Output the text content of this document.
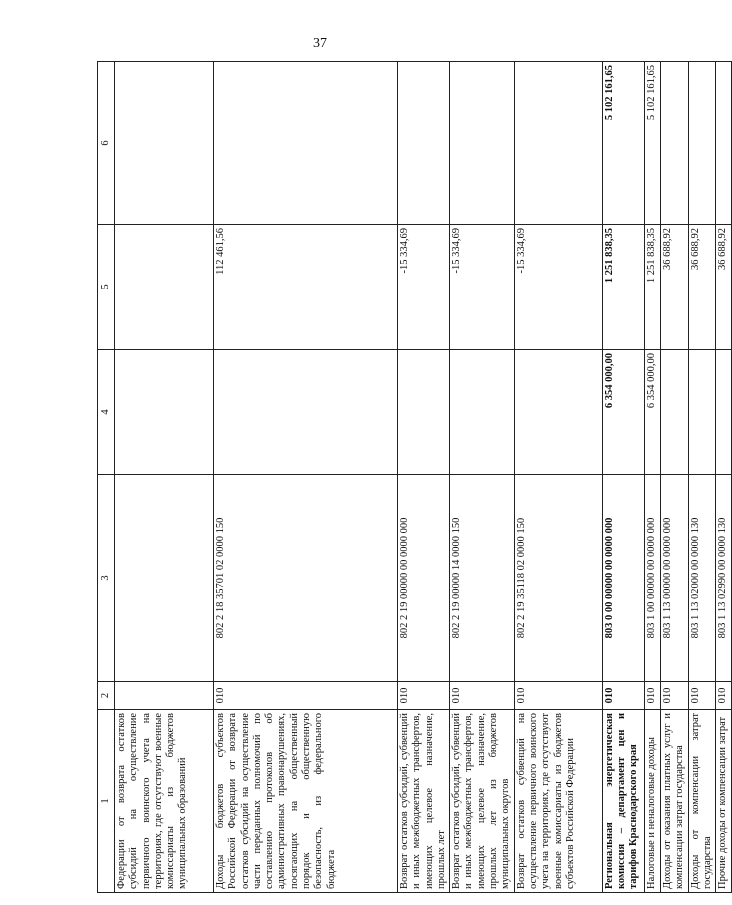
37
1	2	3	4	5	6
Федерации от возврата остатков субсидий на осуществление первичного воинского учета на территориях, где отсутствуют военные комиссариаты из бюджетов муниципальных образований					
Доходы бюджетов субъектов Российской Федерации от возврата остатков субсидий на осуществление части переданных полномочий по составлению протоколов об административных правонарушениях, посягающих на общественный порядок и общественную безопасность, из федерального бюджета	010	802 2 18 35701 02 0000 150		112 461,56	
Возврат остатков субсидий, субвенций и иных межбюджетных трансфертов, имеющих целевое назначение, прошлых лет	010	802 2 19 00000 00 0000 000		-15 334,69	
Возврат остатков субсидий, субвенций и иных межбюджетных трансфертов, имеющих целевое назначение, прошлых лет из бюджетов муниципальных округов	010	802 2 19 00000 14 0000 150		-15 334,69	
Возврат остатков субвенций на осуществление первичного воинского учета на территориях, где отсутствуют военные комиссариаты из бюджетов субъектов Российской Федерации	010	802 2 19 35118 02 0000 150		-15 334,69	
Региональная энергетическая комиссия – департамент цен и тарифов Краснодарского края	010	803 0 00 00000 00 0000 000	6 354 000,00	1 251 838,35	5 102 161,65
Налоговые и неналоговые доходы	010	803 1 00 00000 00 0000 000	6 354 000,00	1 251 838,35	5 102 161,65
Доходы от оказания платных услуг и компенсации затрат государства	010	803 1 13 00000 00 0000 000		36 688,92	
Доходы от компенсации затрат государства	010	803 1 13 02000 00 0000 130		36 688,92	
Прочие доходы от компенсации затрат	010	803 1 13 02990 00 0000 130		36 688,92	
